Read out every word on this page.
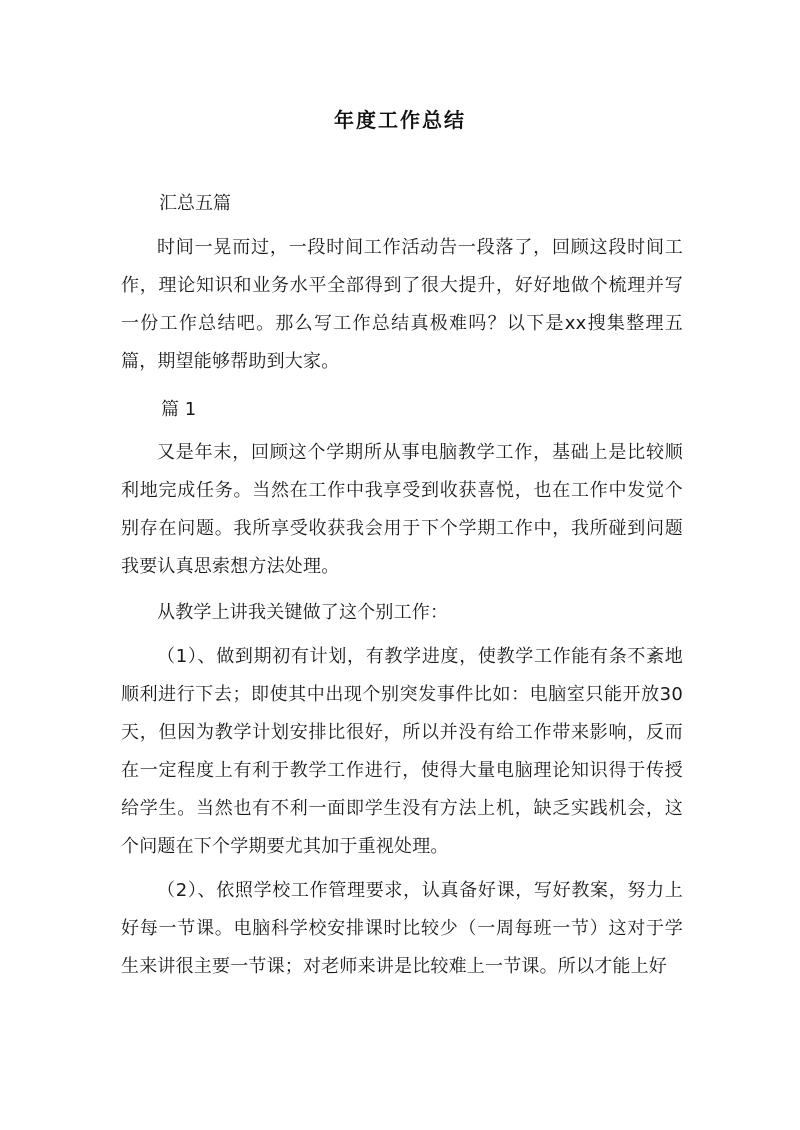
年度工作总结
汇总五篇

时间一晃而过，一段时间工作活动告一段落了，回顾这段时间工作，理论知识和业务水平全部得到了很大提升，好好地做个梳理并写一份工作总结吧。那么写工作总结真极难吗？以下是xx搜集整理五篇，期望能够帮助到大家。

篇 1

又是年末，回顾这个学期所从事电脑教学工作，基础上是比较顺利地完成任务。当然在工作中我享受到收获喜悦，也在工作中发觉个别存在问题。我所享受收获我会用于下个学期工作中，我所碰到问题我要认真思索想方法处理。

从教学上讲我关键做了这个别工作：

（1）、做到期初有计划，有教学进度，使教学工作能有条不紊地顺利进行下去；即使其中出现个别突发事件比如：电脑室只能开放30天，但因为教学计划安排比很好，所以并没有给工作带来影响，反而在一定程度上有利于教学工作进行，使得大量电脑理论知识得于传授给学生。当然也有不利一面即学生没有方法上机，缺乏实践机会，这个问题在下个学期要尤其加于重视处理。

（2）、依照学校工作管理要求，认真备好课，写好教案，努力上好每一节课。电脑科学校安排课时比较少（一周每班一节）这对于学生来讲很主要一节课；对老师来讲是比较难上一节课。所以才能上好
